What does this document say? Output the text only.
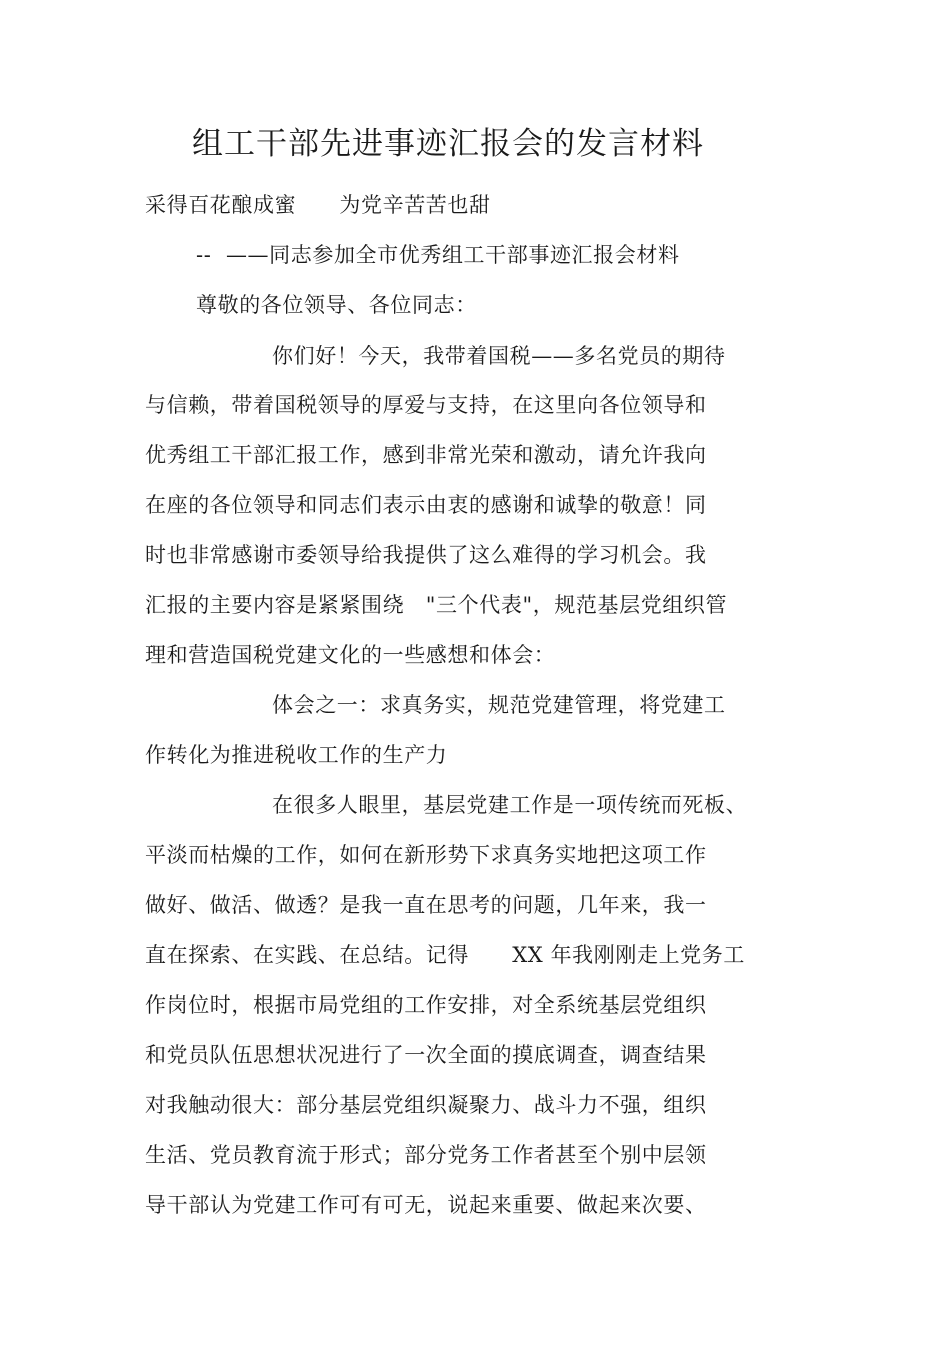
组工干部先进事迹汇报会的发言材料
采得百花酿成蜜　　为党辛苦苦也甜
--  ——同志参加全市优秀组工干部事迹汇报会材料
尊敬的各位领导、各位同志：
你们好！今天，我带着国税——多名党员的期待
与信赖，带着国税领导的厚爱与支持，在这里向各位领导和
优秀组工干部汇报工作，感到非常光荣和激动，请允许我向
在座的各位领导和同志们表示由衷的感谢和诚挚的敬意！同
时也非常感谢市委领导给我提供了这么难得的学习机会。我
汇报的主要内容是紧紧围绕　"三个代表"，规范基层党组织管
理和营造国税党建文化的一些感想和体会：
体会之一：求真务实，规范党建管理，将党建工
作转化为推进税收工作的生产力
在很多人眼里，基层党建工作是一项传统而死板、
平淡而枯燥的工作，如何在新形势下求真务实地把这项工作
做好、做活、做透？是我一直在思考的问题，几年来，我一
直在探索、在实践、在总结。记得　　XX 年我刚刚走上党务工
作岗位时，根据市局党组的工作安排，对全系统基层党组织
和党员队伍思想状况进行了一次全面的摸底调查，调查结果
对我触动很大：部分基层党组织凝聚力、战斗力不强，组织
生活、党员教育流于形式；部分党务工作者甚至个别中层领
导干部认为党建工作可有可无，说起来重要、做起来次要、
